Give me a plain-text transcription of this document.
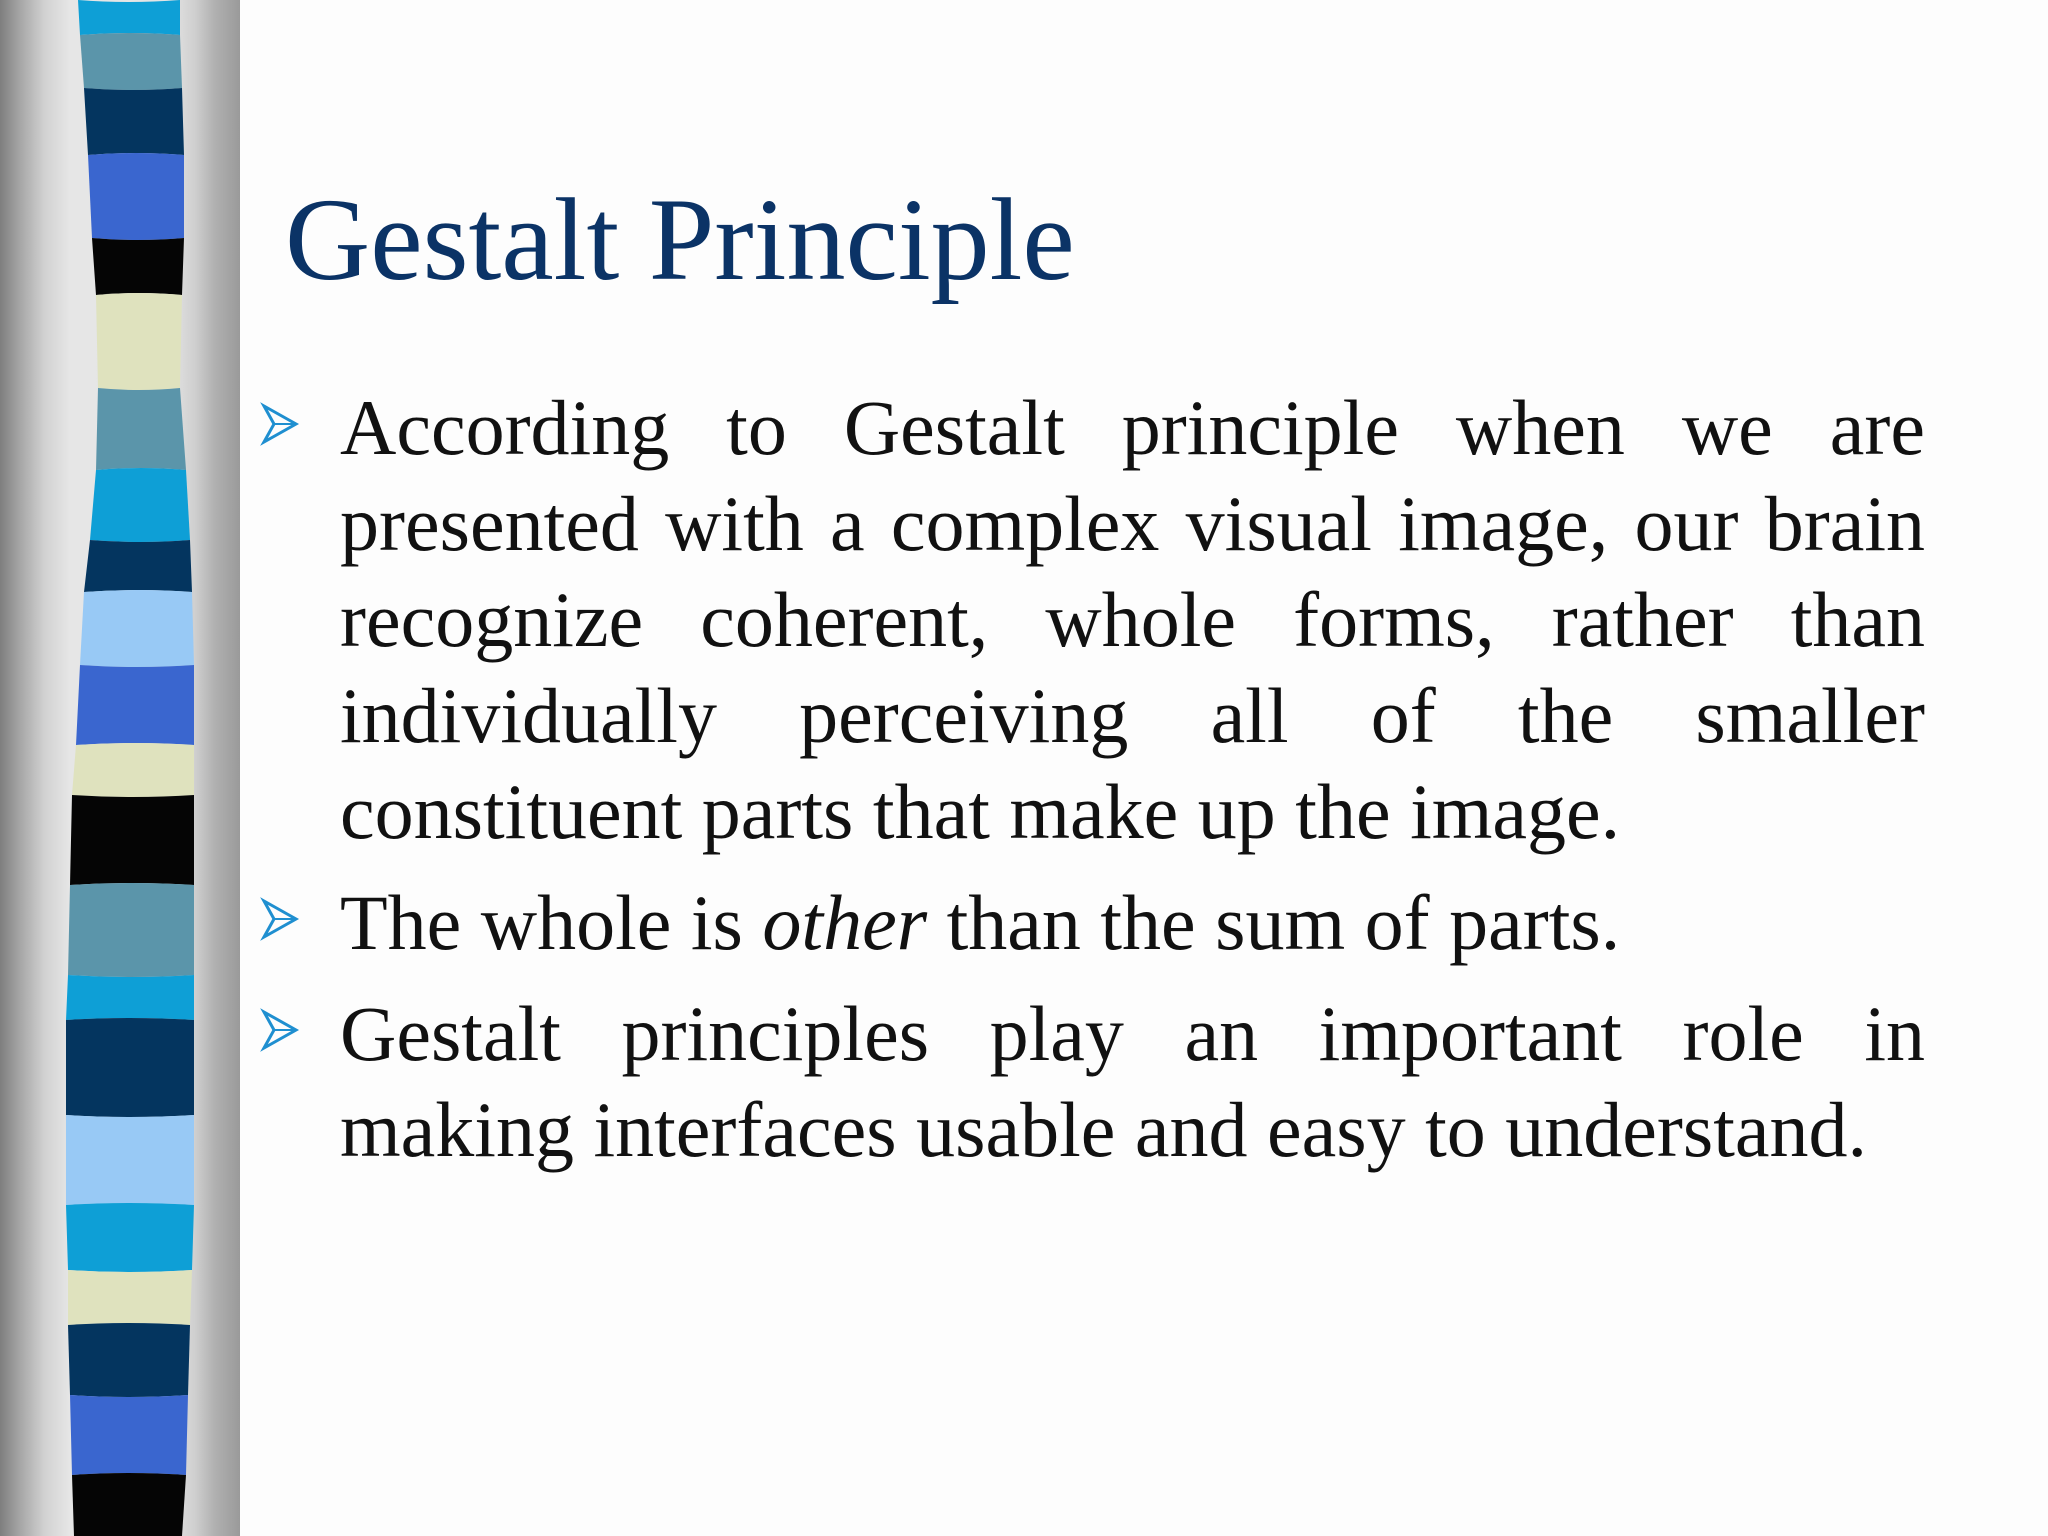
Gestalt Principle
According to Gestalt principle when we are presented with a complex visual image, our brain recognize coherent, whole forms, rather than individually perceiving all of the smaller constituent parts that make up the image.
The whole is other than the sum of parts.
Gestalt principles play an important role in making interfaces usable and easy to understand.
